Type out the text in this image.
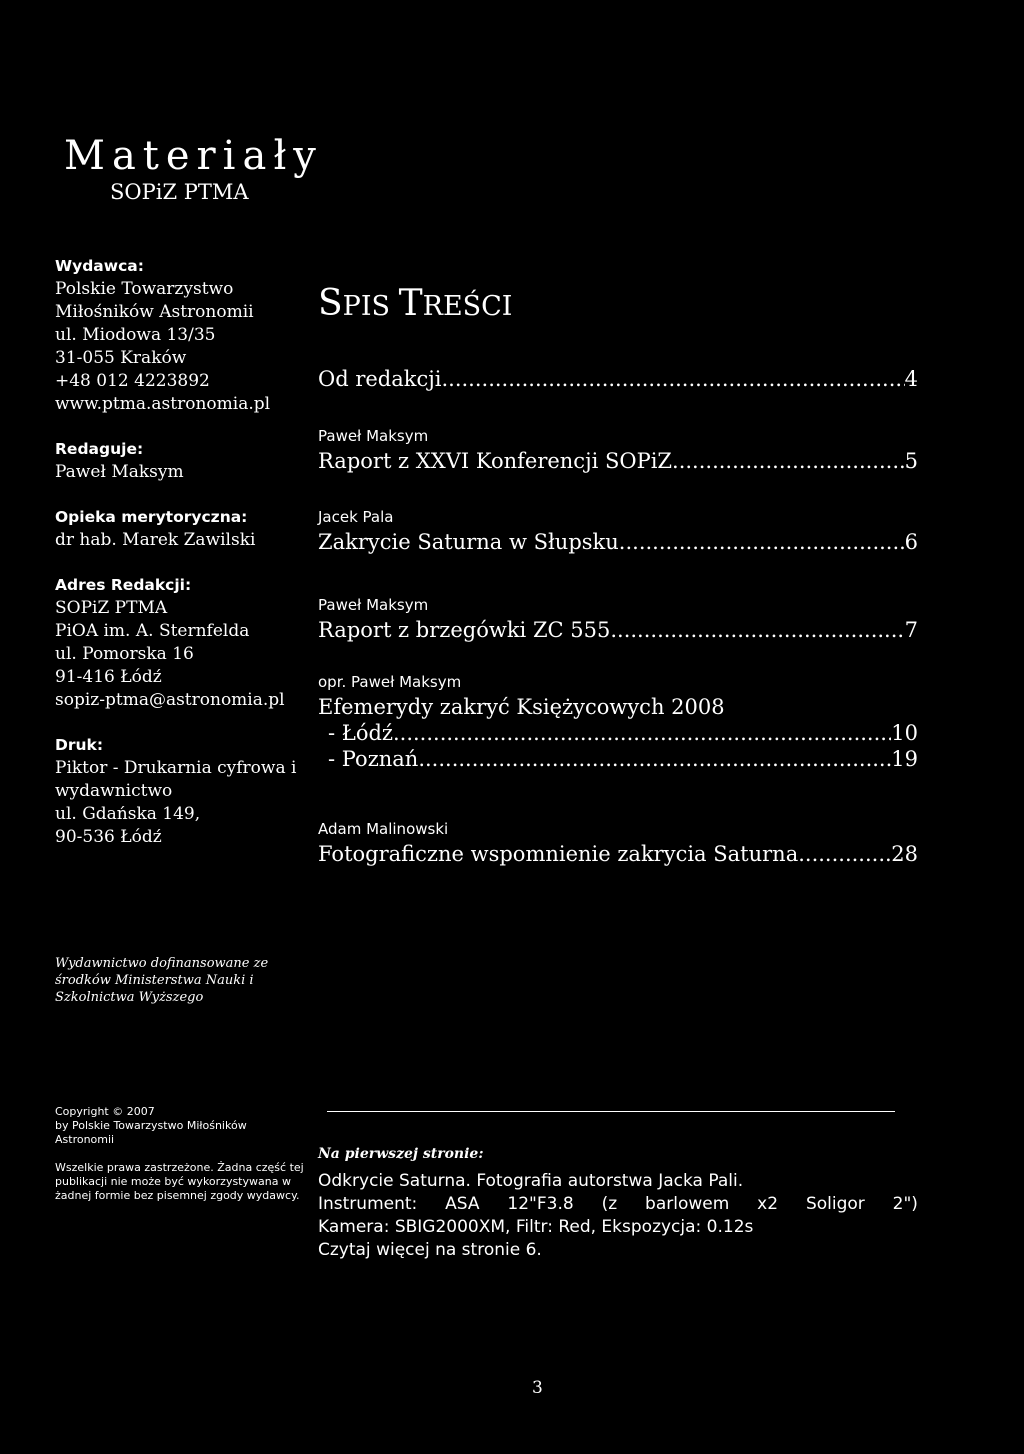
Materiały
SOPiZ PTMA
Wydawca:
Polskie Towarzystwo
Miłośników Astronomii
ul. Miodowa 13/35
31-055 Kraków
+48 012 4223892
www.ptma.astronomia.pl
Redaguje:
Paweł Maksym
Opieka merytoryczna:
dr hab. Marek Zawilski
Adres Redakcji:
SOPiZ PTMA
PiOA im. A. Sternfelda
ul. Pomorska 16
91-416 Łódź
sopiz-ptma@astronomia.pl
Druk:
Piktor - Drukarnia cyfrowa i
wydawnictwo
ul. Gdańska 149,
90-536 Łódź
SPIS TREŚCI
Od redakcji .....	4
Paweł Maksym
Raport z XXVI Konferencji SOPiZ .....	5
Jacek Pala
Zakrycie Saturna w Słupsku .....	6
Paweł Maksym
Raport z brzegówki ZC 555 .....	7
opr. Paweł Maksym
Efemerydy zakryć Księżycowych 2008
- Łódź .....	10
- Poznań .....	19
Adam Malinowski
Fotograficzne wspomnienie zakrycia Saturna .....	28
Wydawnictwo dofinansowane ze środków Ministerstwa Nauki i Szkolnictwa Wyższego
Copyright © 2007
by Polskie Towarzystwo Miłośników Astronomii
Wszelkie prawa zastrzeżone. Żadna część tej publikacji nie może być wykorzystywana w żadnej formie bez pisemnej zgody wydawcy.
Na pierwszej stronie:
Odkrycie Saturna. Fotografia autorstwa Jacka Pali.
Instrument: ASA 12"F3.8 (z barlowem x2 Soligor 2")
Kamera: SBIG2000XM, Filtr: Red, Ekspozycja: 0.12s
Czytaj więcej na stronie 6.
3
